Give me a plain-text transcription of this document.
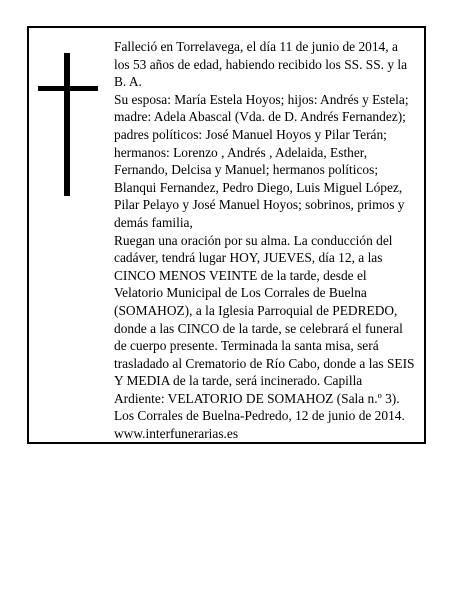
Falleció en Torrelavega, el día 11 de junio de 2014, a

los 53 años de edad, habiendo recibido los SS. SS. y la

B. A.

Su esposa: María Estela Hoyos; hijos: Andrés y Estela;

madre: Adela Abascal (Vda. de D. Andrés Fernandez);

padres políticos: José Manuel Hoyos y Pilar Terán;

hermanos: Lorenzo , Andrés , Adelaida, Esther,

Fernando, Delcisa y Manuel; hermanos políticos;

Blanqui Fernandez, Pedro Diego, Luis Miguel López,

Pilar Pelayo y José Manuel Hoyos; sobrinos, primos y

demás familia,

Ruegan una oración por su alma. La conducción del

cadáver, tendrá lugar HOY, JUEVES, día 12, a las

CINCO MENOS VEINTE de la tarde, desde el

Velatorio Municipal de Los Corrales de Buelna

(SOMAHOZ), a la Iglesia Parroquial de PEDREDO,

donde a las CINCO de la tarde, se celebrará el funeral

de cuerpo presente. Terminada la santa misa, será

trasladado al Crematorio de Río Cabo, donde a las SEIS

Y MEDIA de la tarde, será incinerado. Capilla

Ardiente: VELATORIO DE SOMAHOZ (Sala n.º 3).

Los Corrales de Buelna-Pedredo, 12 de junio de 2014.

www.interfunerarias.es
